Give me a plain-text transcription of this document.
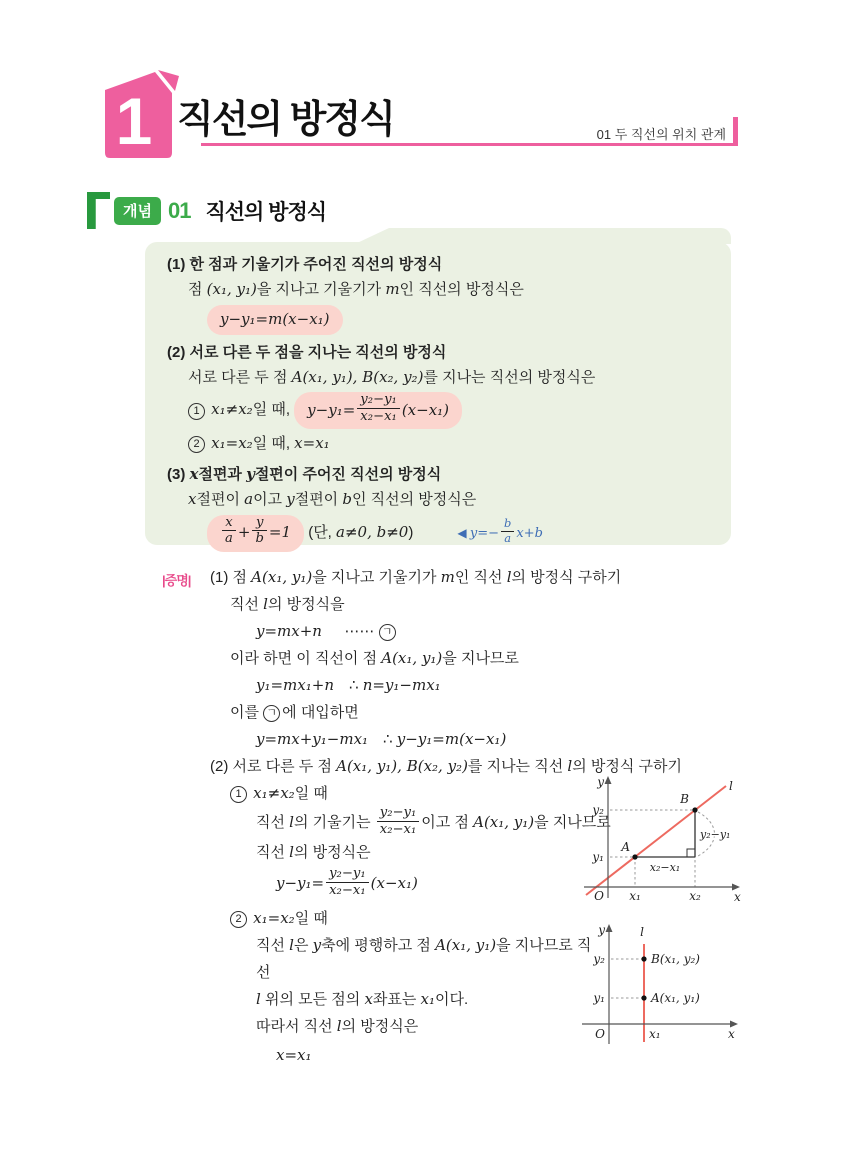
1 직선의 방정식	01 두 직선의 위치 관계
개념 01 직선의 방정식
(1) 한 점과 기울기가 주어진 직선의 방정식
점 (x₁, y₁)을 지나고 기울기가 m인 직선의 방정식은
y−y₁=m(x−x₁)
(2) 서로 다른 두 점을 지나는 직선의 방정식
서로 다른 두 점 A(x₁, y₁), B(x₂, y₂)를 지나는 직선의 방정식은
1 x₁≠x₂일 때, $y-y_1= \frac{\text{y₂−y₁}}{\text{x₂−x₁}} (x-x_1)$
2 x₁=x₂일 때, x=x₁
(3) x절편과 y절편이 주어진 직선의 방정식
x절편이 a이고 y절편이 b인 직선의 방정식은
$\frac{x}{a} + \frac{y}{b} =1$ (단, a≠0, b≠0)	◀ $y=- \frac{b}{a} x+b$
|증명| (1) 점 A(x₁, y₁)을 지나고 기울기가 m인 직선 l의 방정식 구하기
직선 l의 방정식을
y=mx+n  ⋯⋯ ㄱ
이라 하면 이 직선이 점 A(x₁, y₁)을 지나므로
y₁=mx₁+n ∴ n=y₁−mx₁
이를 ㄱ 에 대입하면
y=mx+y₁−mx₁ ∴ y−y₁=m(x−x₁)
(2) 서로 다른 두 점 A(x₁, y₁), B(x₂, y₂)를 지나는 직선 l의 방정식 구하기
1 x₁≠x₂일 때
직선 l의 기울기는 $\frac{\text{y₂−y₁}}{\text{x₂−x₁}}$ 이고 점 A(x₁, y₁)을 지나므로
직선 l의 방정식은
$y-y_1= \frac{\text{y₂−y₁}}{\text{x₂−x₁}} (x-x_1)$
2 x₁=x₂일 때
직선 l은 y축에 평행하고 점 A(x₁, y₁)을 지나므로 직선
l 위의 모든 점의 x좌표는 x₁이다.
따라서 직선 l의 방정식은
x=x₁
y
x
O
l
y₂
y₁
x₁	x₂
A
B
x₂−x₁
y₂−y₁
y	l
y₂
y₁
B(x₁, y₂)
A(x₁, y₁)
O	x₁	x
